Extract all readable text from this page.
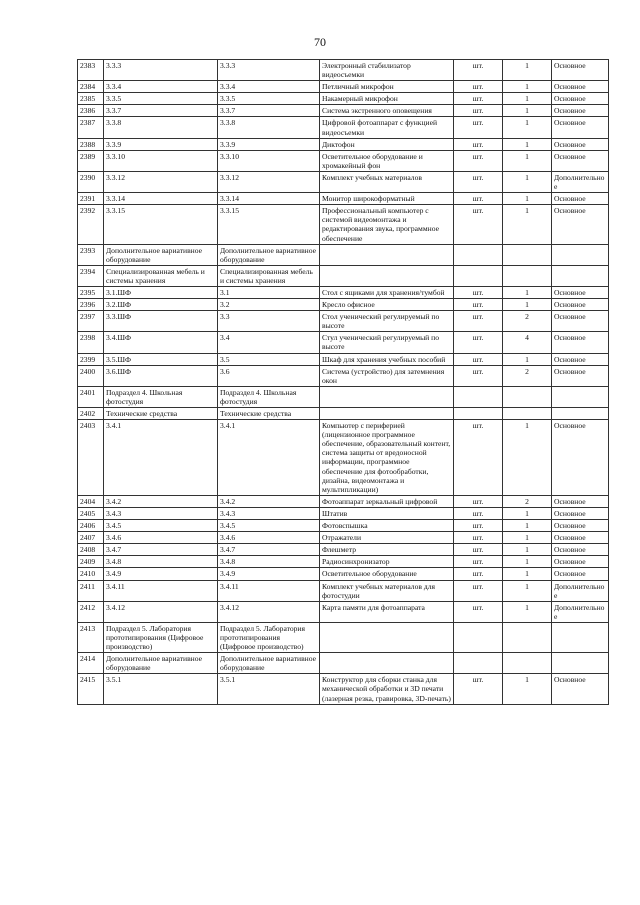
70
2383	3.3.3	3.3.3	Электронный стабилизатор видеосъемки	шт.	1	Основное
2384	3.3.4	3.3.4	Петличный микрофон	шт.	1	Основное
2385	3.3.5	3.3.5	Накамерный микрофон	шт.	1	Основное
2386	3.3.7	3.3.7	Система экстренного оповещения	шт.	1	Основное
2387	3.3.8	3.3.8	Цифровой фотоаппарат с функцией видеосъемки	шт.	1	Основное
2388	3.3.9	3.3.9	Диктофон	шт.	1	Основное
2389	3.3.10	3.3.10	Осветительное оборудование и хромакейный фон	шт.	1	Основное
2390	3.3.12	3.3.12	Комплект учебных материалов	шт.	1	Дополнительное
2391	3.3.14	3.3.14	Монитор широкоформатный	шт.	1	Основное
2392	3.3.15	3.3.15	Профессиональный компьютер с системой видеомонтажа и редактирования звука, программное обеспечение	шт.	1	Основное
2393	Дополнительное вариативное оборудование	Дополнительное вариативное оборудование				
2394	Специализированная мебель и системы хранения	Специализированная мебель и системы хранения				
2395	3.1.ШФ	3.1	Стол с ящиками для хранения/тумбой	шт.	1	Основное
2396	3.2.ШФ	3.2	Кресло офисное	шт.	1	Основное
2397	3.3.ШФ	3.3	Стол ученический регулируемый по высоте	шт.	2	Основное
2398	3.4.ШФ	3.4	Стул ученический регулируемый по высоте	шт.	4	Основное
2399	3.5.ШФ	3.5	Шкаф для хранения учебных пособий	шт.	1	Основное
2400	3.6.ШФ	3.6	Система (устройство) для затемнения окон	шт.	2	Основное
2401	Подраздел 4. Школьная фотостудия	Подраздел 4. Школьная фотостудия				
2402	Технические средства	Технические средства				
2403	3.4.1	3.4.1	Компьютер с периферией (лицензионное программное обеспечение, образовательный контент, система защиты от вредоносной информации, программное обеспечение для фотообработки, дизайна, видеомонтажа и мультипликации)	шт.	1	Основное
2404	3.4.2	3.4.2	Фотоаппарат зеркальный цифровой	шт.	2	Основное
2405	3.4.3	3.4.3	Штатив	шт.	1	Основное
2406	3.4.5	3.4.5	Фотовспышка	шт.	1	Основное
2407	3.4.6	3.4.6	Отражатели	шт.	1	Основное
2408	3.4.7	3.4.7	Флешметр	шт.	1	Основное
2409	3.4.8	3.4.8	Радиосинхронизатор	шт.	1	Основное
2410	3.4.9	3.4.9	Осветительное оборудование	шт.	1	Основное
2411	3.4.11	3.4.11	Комплект учебных материалов для фотостудии	шт.	1	Дополнительное
2412	3.4.12	3.4.12	Карта памяти для фотоаппарата	шт.	1	Дополнительное
2413	Подраздел 5. Лаборатория прототипирования (Цифровое производство)	Подраздел 5. Лаборатория прототипирования (Цифровое производство)				
2414	Дополнительное вариативное оборудование	Дополнительное вариативное оборудование				
2415	3.5.1	3.5.1	Конструктор для сборки станка для механической обработки и 3D печати (лазерная резка, гравировка, 3D-печать)	шт.	1	Основное
